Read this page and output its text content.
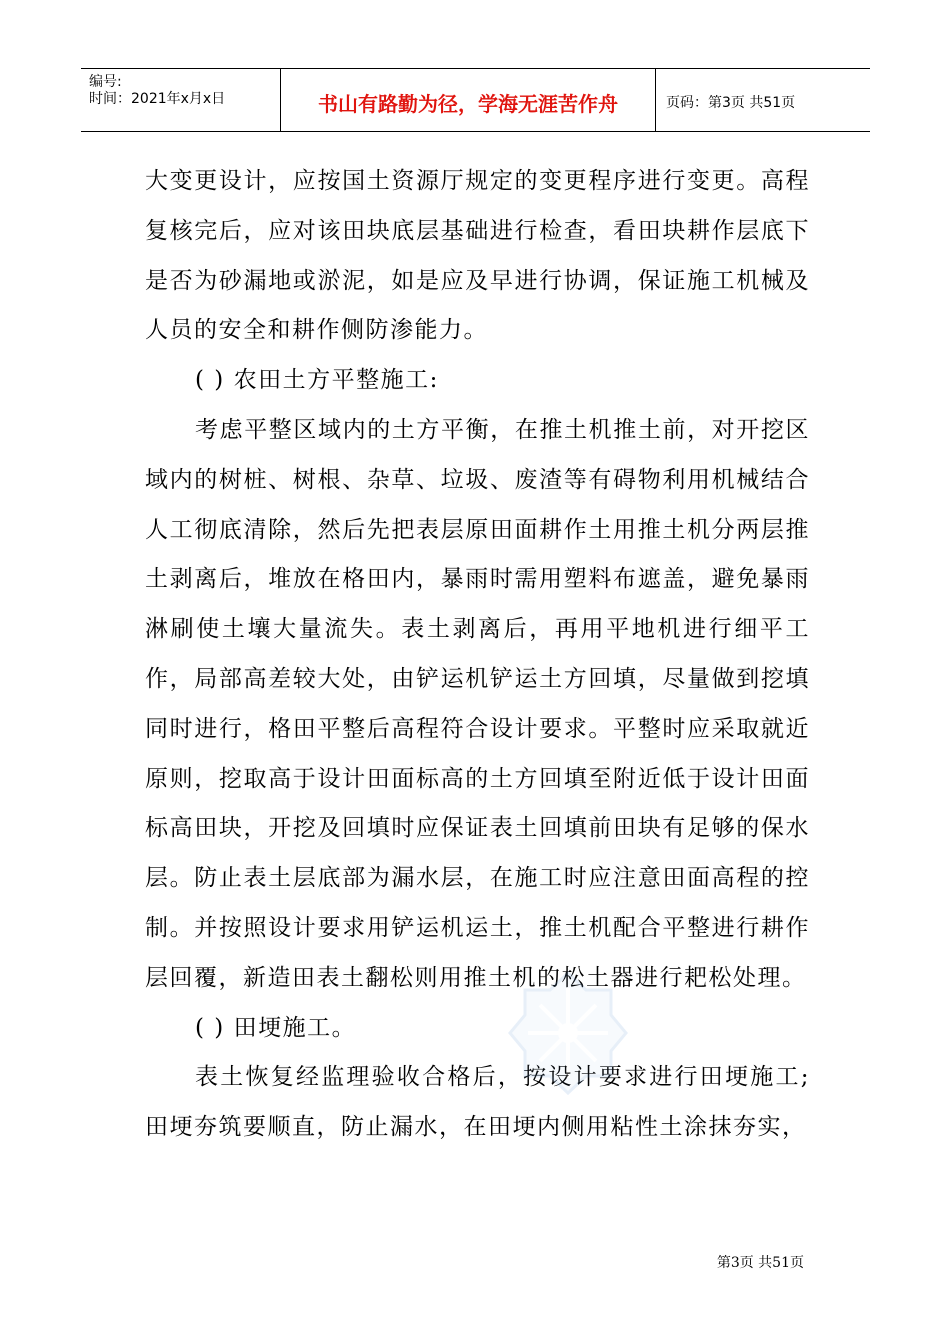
编号:
时间：2021年x月x日	书山有路勤为径，学海无涯苦作舟	页码：第3页 共51页

大变更设计，应按国土资源厅规定的变更程序进行变更。高程复核完后，应对该田块底层基础进行检查，看田块耕作层底下是否为砂漏地或淤泥，如是应及早进行协调，保证施工机械及人员的安全和耕作侧防渗能力。

( ) 农田土方平整施工:

考虑平整区域内的土方平衡，在推土机推土前，对开挖区域内的树桩、树根、杂草、垃圾、废渣等有碍物利用机械结合人工彻底清除，然后先把表层原田面耕作土用推土机分两层推土剥离后，堆放在格田内，暴雨时需用塑料布遮盖，避免暴雨淋刷使土壤大量流失。表土剥离后，再用平地机进行细平工作，局部高差较大处，由铲运机铲运土方回填，尽量做到挖填同时进行，格田平整后高程符合设计要求。平整时应采取就近原则，挖取高于设计田面标高的土方回填至附近低于设计田面标高田块，开挖及回填时应保证表土回填前田块有足够的保水层。防止表土层底部为漏水层，在施工时应注意田面高程的控制。并按照设计要求用铲运机运土，推土机配合平整进行耕作层回覆，新造田表土翻松则用推土机的松土器进行耙松处理。

( ) 田埂施工。

表土恢复经监理验收合格后，按设计要求进行田埂施工;田埂夯筑要顺直，防止漏水，在田埂内侧用粘性土涂抹夯实，

第3页 共51页
